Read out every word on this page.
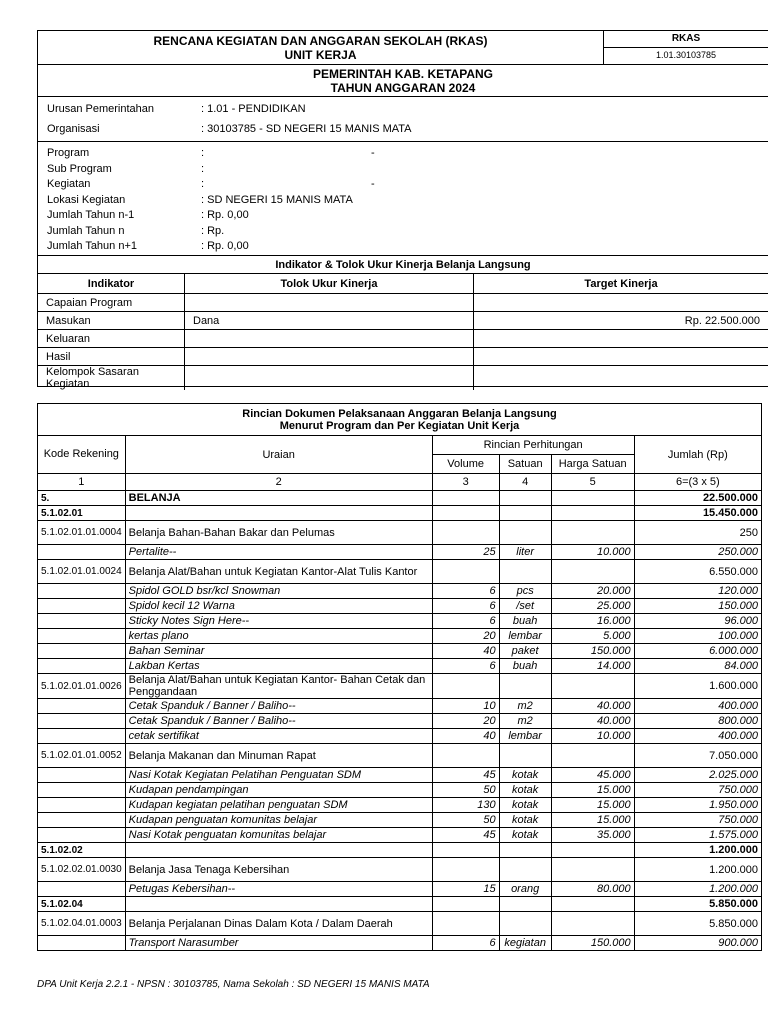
RENCANA KEGIATAN DAN ANGGARAN SEKOLAH (RKAS)
UNIT KERJA
RKAS
1.01.30103785
PEMERINTAH KAB. KETAPANG
TAHUN ANGGARAN 2024
Urusan Pemerintahan	: 1.01 - PENDIDIKAN
Organisasi	: 30103785 - SD NEGERI 15 MANIS MATA
Program	:	-
Sub Program	:
Kegiatan	:	-
Lokasi Kegiatan	: SD NEGERI 15 MANIS MATA
Jumlah Tahun n-1	: Rp. 0,00
Jumlah Tahun n	: Rp.
Jumlah Tahun n+1	: Rp. 0,00
Indikator & Tolok Ukur Kinerja Belanja Langsung		
Indikator	Tolok Ukur Kinerja	Target Kinerja
Capaian Program		
Masukan	Dana	Rp. 22.500.000
Keluaran		
Hasil		
Kelompok Sasaran Kegiatan		
Rincian Dokumen Pelaksanaan Anggaran Belanja Langsung
Menurut Program dan Per Kegiatan Unit Kerja					

Kode Rekening	Uraian	Rincian Perhitungan			Jumlah (Rp)
		Volume	Satuan	Harga Satuan	
1	2	3	4	5	6=(3 x 5)
5.	BELANJA				22.500.000
5.1.02.01					15.450.000
5.1.02.01.01.0004	Belanja Bahan-Bahan Bakar dan Pelumas				250
	Pertalite--	25	liter	10.000	250.000
5.1.02.01.01.0024	Belanja Alat/Bahan untuk Kegiatan Kantor-Alat Tulis Kantor				6.550.000
	Spidol GOLD bsr/kcl Snowman	6	pcs	20.000	120.000
	Spidol kecil 12 Warna	6	/set	25.000	150.000
	Sticky Notes Sign Here--	6	buah	16.000	96.000
	kertas plano	20	lembar	5.000	100.000
	Bahan Seminar	40	paket	150.000	6.000.000
	Lakban Kertas	6	buah	14.000	84.000
5.1.02.01.01.0026	Belanja Alat/Bahan untuk Kegiatan Kantor- Bahan Cetak dan Penggandaan				1.600.000
	Cetak Spanduk / Banner / Baliho--	10	m2	40.000	400.000
	Cetak Spanduk / Banner / Baliho--	20	m2	40.000	800.000
	cetak sertifikat	40	lembar	10.000	400.000
5.1.02.01.01.0052	Belanja Makanan dan Minuman Rapat				7.050.000
	Nasi Kotak Kegiatan Pelatihan Penguatan SDM	45	kotak	45.000	2.025.000
	Kudapan pendampingan	50	kotak	15.000	750.000
	Kudapan kegiatan pelatihan penguatan SDM	130	kotak	15.000	1.950.000
	Kudapan penguatan komunitas belajar	50	kotak	15.000	750.000
	Nasi Kotak penguatan komunitas belajar	45	kotak	35.000	1.575.000
5.1.02.02					1.200.000
5.1.02.02.01.0030	Belanja Jasa Tenaga Kebersihan				1.200.000
	Petugas Kebersihan--	15	orang	80.000	1.200.000
5.1.02.04					5.850.000
5.1.02.04.01.0003	Belanja Perjalanan Dinas Dalam Kota / Dalam Daerah				5.850.000
	Transport Narasumber	6	kegiatan	150.000	900.000
DPA Unit Kerja 2.2.1 - NPSN : 30103785, Nama Sekolah : SD NEGERI 15 MANIS MATA
